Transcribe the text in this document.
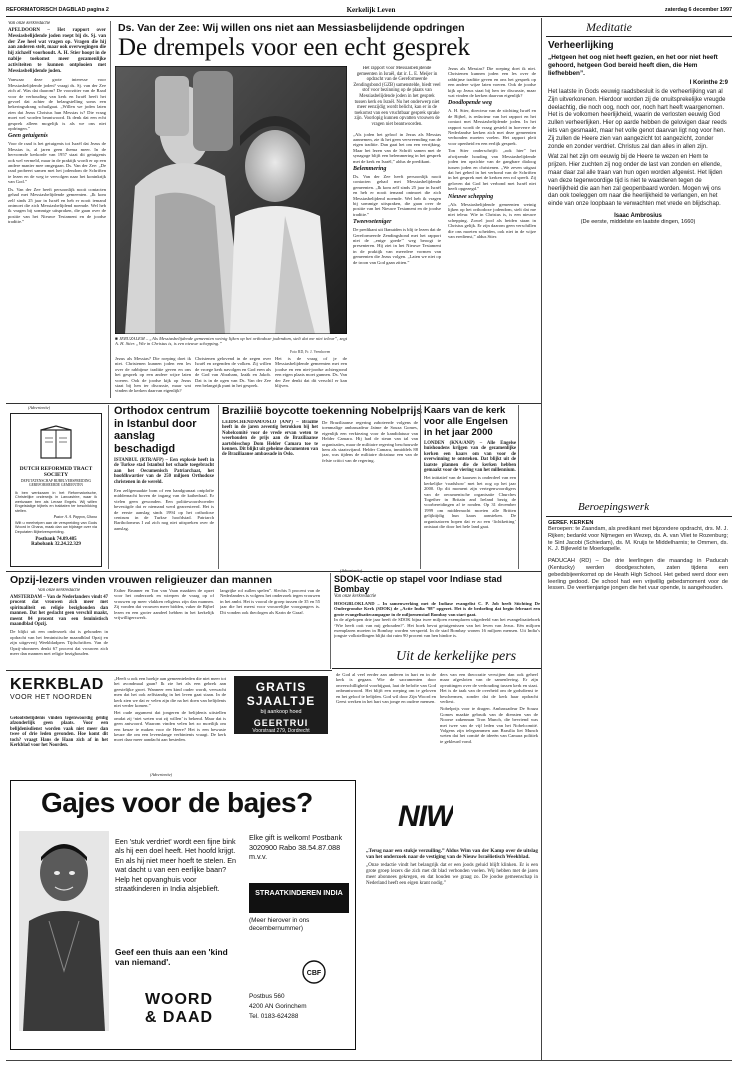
REFORMATORISCH DAGBLAD pagina 2	Kerkelijk Leven	zaterdag 6 december 1997
Van onze kerkredactie
APELDOORN – Het rapport over Messiasbelijdende joden roept bij ds. Sj. van der Zee heel wat vragen op. Vragen die hij aan anderen stelt, maar ook overwegingen die hij zichzelf voorhoudt. A. H. Stier hoopt in de nabije toekomst meer gezamenlijke activiteiten te kunnen ontplooien met Messiasbelijdende joden.
Vanwaar deze grote interesse voor Messiasbelijdende joden? vraagt ds. Sj. van der Zee zich af. Was dat daarom? De voorzitter van de Raad voor de verhouding van kerk en Israël heeft het gevoel dat achter de belangstelling soms een bekeringsdrang schuilgaat. „Willen we joden laten zien dat Jezus Christus hun Messias is? Die vraag moet wel worden beantwoord. Ik denk dat een echt gesprek alleen mogelijk is als we ons niet opdringen.”
Geen getuigenis
Voor de raad is het getuigenis tot Israël dat Jezus de Messias is, al jaren geen thema meer. In de hervormde kerkorde van 1957 staat dit getuigenis ook wel vermeld, maar in de praktijk wordt er op een andere manier mee omgegaan. Ds. Van der Zee: „De raad probeert samen met het jodendom de Schriften te lezen en de weg te vervolgen naar het koninkrijk van God.”
Ds. Van der Zee heeft persoonlijk nooit contacten gehad met Messiasbelijdende gemeenten. „Ik kom zelf sinds 25 jaar in Israël en heb er nooit iemand ontmoet die zich Messiasbelijdend noemde. Wel heb ik vragen bij sommige uitspraken, die gaan over de positie van het Nieuwe Testament en de joodse traditie.”
Ds. Van der Zee: Wij willen ons niet aan Messiasbelijdende opdringen
De drempels voor een echt gesprek
■ JERUZALEM – „Als Messiasbelijdende gemeenten weinig lijken op het orthodoxe jodendom, stelt dat me niet teleur”, zegt A. H. Stier. „Wie in Christus is, is een nieuwe schepping.”
Foto RD, Fr. J. Veenhoven
Jezus als Messias? Die roeping doet ik niet. Christenen kunnen joden een les over de rabbijnse traditie geven en ons het gesprek op een andere wijze laten voeren. Ook de joodse kijk op Jezus staat bij hen ter discussie, maar wat vinden de kerken daarvan eigenlijk?
Christenen gelovend in de zegen over Israël en zegenden de volken. Zij willen de vroege kerk navolgen en God eren als de God van Abraham, Izaäk en Jakob. Dat is in de ogen van Ds. Van der Zee een belangrijk punt in het gesprek.
Het is de vraag of je de Messiasbelijdende gemeenten met een joodse en een niet-joodse achtergrond een eigen plaats moet gunnen. Ds. Van der Zee denkt dat dit verschil er kan blijven.
Het rapport voor Messiasbelijdende gemeenten in Israël, dat ir. L. E. Meijer in opdracht van de Gereformeerde Zendingsbond (GZB) samenstelde, biedt veel stof voor bezinning op de plaats van Messiasbelijdende joden in het gesprek tussen kerk en Israël. Nu het onderwerp niet meer eenzijdig wordt belicht, kan er in de toekomst van een vruchtbaar gesprek sprake zijn. Voorlopig kunnen opvatten vrouwen de vragen niet beantwoorden.
„Als joden het geloof in Jezus als Messias aannemen, zie ik het geen vervreemding van de eigen traditie. Dan gaat het om een verrijking. Maar het lezen van de Schrift samen met de synagoge blijft een belemmering in het gesprek met de kerk en Israël,” aldus de predikant.
Belemmering
Ds. Van der Zee heeft persoonlijk nooit contacten gehad met Messiasbelijdende gemeenten. „Ik kom zelf sinds 25 jaar in Israël en heb er nooit iemand ontmoet die zich Messiasbelijdend noemde. Wel heb ik vragen bij sommige uitspraken, die gaan over de positie van het Nieuwe Testament en de joodse traditie.”
Tweevoeteniger
De predikant uit Ikmuiden is blij te lezen dat de Gereformeerde Zendingsbond met het rapport niet de ,,enige goede’’ weg beoogt te presenteren. Hij ziet in het Nieuwe Testament in de praktijk van meerdere vormen van gemeenten die Jezus volgen. „Laten we niet op de troon van God gaan zitten.”
Jezus als Messias? Die roeping doet ik niet. Christenen kunnen joden een les over de rabbijnse traditie geven en ons het gesprek op een andere wijze laten voeren. Ook de joodse kijk op Jezus staat bij hen ter discussie, maar wat vinden de kerken daarvan eigenlijk?
Doodlopende weg
A. H. Stier, directeur van de stichting Israël en de Bijbel, is redacteur van het rapport en het contact met Messiasbelijdende joden. In het rapport wordt de vraag gesteld in hoeverre de Nederlandse kerken zich met deze gemeenten verbonden moeten voelen. Het rapport pleit voor openheid en een eerlijk gesprek.
Ton Stier onderschrijft: „ook hier” het afwijzende houding van Messiasbelijdende joden ten opzichte van de gangbare dialoog tussen joden en christenen. „We zeven uitgaat dat het gebed in het verbond van de Schriften in het gesprek met de kerken een rol speelt. Zij geloven dat God het verbond met Israël niet heeft opgezegd.”
Nieuwe schepping
„Als Messiasbelijdende gemeenten weinig lijken op het orthodoxe jodendom, stelt dat me niet teleur. Wie in Christus is, is een nieuwe schepping. Zowel jood als heiden staan in Christus gelijk. Er zijn daarom geen verschillen die ons moeten scheiden, ook niet in de wijze van eredienst,” aldus Stier.
Meditatie
Verheerlijking
„Hetgeen het oog niet heeft gezien, en het oor niet heeft gehoord, hetgeen God bereid heeft dien, die Hem liefhebben”.
I Korinthe 2:9
Het laatste in Gods eeuwig raadsbesluit is de verheerlijking van al Zijn uitverkorenen. Hierdoor worden zij de onuitsprekelijke vreugde deelachtig, die noch oog, noch oor, noch hart heeft waargenomen. Het is de volkomen heerlijkheid, waarin de verlosten eeuwig God zullen verheerlijken. Hier op aarde hebben de gelovigen daar reeds iets van gesmaakt, maar het volle genot daarvan ligt nog voor hen. Zij zullen de Heere zien van aangezicht tot aangezicht, zonder zonde en zonder verdriet. Christus zal dan alles in allen zijn.
Wat zal het zijn om eeuwig bij de Heere te wezen en Hem te prijzen. Hier zuchten zij nog onder de last van zonden en ellende, maar daar zal alle traan van hun ogen worden afgewist. Het lijden van deze tegenwoordige tijd is niet te waarderen tegen de heerlijkheid die aan hen zal geopenbaard worden. Mogen wij ons dan ook toeleggen om naar die heerlijkheid te verlangen, en het einde van onze loopbaan te verwachten met vrede en blijdschap.
Isaac Ambrosius
(De eerste, middelste en laatste dingen, 1660)
Beroepingswerk
GEREF. KERKEN
Beroepen: te Zaandam, als predikant met bijzondere opdracht, drs. M. J. Rijken; bedankt voor Nijmegen en Wezep, ds. A. van Vliet te Rozenburg; te Sint Jacobi (Schiedam), ds. M. Kruijs te Middelharnis; te Ommen, ds. K. J. Bijleveld te Moerkapelle.
PADUCAH (RD) – De drie leerlingen die maandag in Paducah (Kentucky) werden doodgeschoten, zaten tijdens een gebedsbijeenkomst op de Heath High School. Het gebed werd door een leerling gedood. De school had een vrijwillig gebedsmoment voor de lessen. De veertienjarige jongen die het vuur opende, is aangehouden.
(Advertentie)
DUTCH REFORMED TRACT SOCIETY
DEPUTATENSCHAP BIJBELVERSPREIDING GEREFORMEERDE GEMEENTEN
Ik ben werkzaam in het Reformatorische, Christelijke onderwijs in Lancashire, waar ik werkzaam ben als Leraar Engels. Wij willen Engelstalige bijbels en traktaten ter beschikking stellen.
Pastor A. A. Pappon, Ghana
Wilt u meehelpen aan de verspreiding van Gods Woord in Ghana, maak dan uw bijdrage over via Deputaten Bijbelverspreiding.
Postbank 74.09.485
Rabobank 32.24.22.329
Orthodox centrum in Istanbul door aanslag beschadigd
ISTANBUL (RTR/AFP) – Een explosie heeft in de Turkse stad Istanbul het schade toegebracht aan het Oecumenisch Patriarchaat, het hoofdkwartier van de 250 miljoen Orthodoxe christenen in de wereld.
Een zelfgemaakte bom of een handgranaat ontplofte middernacht boven de ingang van de kathedraal. Er vielen geen gewonden. Een politiewoordvoerder bevestigde dat er niemand werd gearresteerd. Het is de eerste aanslag sinds 1994 op het orthodoxe centrum in de Turkse hoofdstad. Patriarch Bartholomeus I zal zich nog niet uitspreken over de aanslag.
Braziliië boycotte toekenning Nobelprijs
LEIDSCHENDAM/OSLO (ANP) – Brazilië heeft in de jaren zeventig betrokken bij het Nobelcomité voor de vrede ervan weten te weerhouden de prijs aan de Braziliaanse aartsbisschop Dom Helder Camara toe te kennen. Dit blijkt uit geheime documenten van de Braziliaanse ambassade in Oslo.
De Braziliaanse regering zaboteerde volgens de toenmalige ambassadeur Jaime de Souza Gomes, eigenlijk een verkiezing voor de kandidatuur van Helder Camara. Hij had de steun van tal van organisaties, maar de militaire regering beschouwde hem als staatsvijand. Helder Camara, inmiddels 88 jaar, was tijdens de militaire dictatuur een van de felste critici van de regering.
Kaars van de kerk voor alle Engelsen in het jaar 2000
LONDEN (KNA/ANP) – Alle Engelse huishoudens krijgen van de gezamenlijke kerken een kaars om van voor de overwinning te ontsteken. Dat blijkt uit de laatste plannen die de kerken hebben gemaakt voor de viering van het millennium.
Het initiatief van de kaarsen is onderdeel van een kerkelijke ‘roadshow’ met het oog op het jaar 2000. Op dit moment zijn vertegenwoordigers van de oecumenische organisatie Churches Together in Britain and Ireland bezig de voorbereidingen af te ronden. Op 31 december 1999 om middernacht moeten alle Britten gelijktijdig hun kaars aansteken. De organisatoren hopen dat er zo een ‘lichtketting’ ontstaat die door het hele land gaat.
(Advertentie)
Opzij-lezers vinden vrouwen religieuzer dan mannen
Van onze kerkredactie
AMSTERDAM – Van de Nederlanders vindt 47 procent dat vrouwen zich meer met spiritualiteit en religie bezighouden dan mannen. Dat het geslacht geen verschil maakt, meent 84 procent van een feministisch maandblad Opzij.
De blijkt uit een onderzoek dat is gehouden in opdracht van het feministische maandblad Opzij en zijn uitgeverij Weekbladpers Tijdschriften. Van de Opzij-abonnees denkt 67 procent dat vrouwen zich meer dan mannen met religie bezighouden.
Esther Brunner en Ton van Vaan maakten de opzet voor het onderzoek en wierpen de vraag op of vrouwen op meer vlakken religieus zijn dan mannen. Zij vonden dat vrouwen meer bidden, vaker de Bijbel lezen en een groter aandeel hebben in het kerkelijk vrijwilligerswerk.
langrijke rol zullen spelen”. Slechts 5 procent van de Nederlanders is volgens het onderzoek tegen vrouwen in het ambt. Het is vooral de groep tussen de 35 en 55 jaar die het meest voor vrouwelijke voorgangers is. Dit vonden ook theologen als Karin de Graaf.
Uit de kerkelijke pers
SDOK-actie op stapel voor Indiase stad Bombay
Van onze kerkredactie
HOOGBLOKLAND – In samenwerking met de Indiase evangelist C. P. Job heeft Stichting De Ondergrondse Kerk (SDOK) de „Actie India ’98” opgezet. Het is de bedoeling dat begin februari een grote evangelisatiecampagne in de miljoenenstad Bombay van start gaat.
In de afgelopen drie jaar heeft de SDOK bijna twee miljoen exemplaren uitgedeeld van het evangelisatieboek ‘Wie heeft ooit van mij gehouden?’. Het boek bevat getuigenissen van het leven van Jezus. Eén miljoen exemplaren moeten in Bombay worden verspreid. In de stad Bombay wonen 16 miljoen mensen. Uit India’s jongste volkstellingen blijkt dat ruim 90 procent van hen hindoe is.
GRATIS
SJAALTJE
bij aankoop hoed
GEERTRUI
Voorstraat 279, Dordrecht
KERKBLAD
VOOR HET NOORDEN
Geloofsbelijdenis vinden tegenwoordig geldig afzonderlijk geen plaats. Voor een belijdenisdienst worden vaak niet meer dan twee of drie leden gevonden. Hoe komt dit toch? vraagt Hans de Haan zich af in het Kerkblad voor het Noorden.
„Heeft u ook een hoekje aan gemeenteleden die niet meer tot het avondmaal gaan? Ik zie het als een gebrek aan geestelijke groei. Wanneer een kind ouder wordt, verwacht men dat het ook zelfstandig in het leven gaat staan. In de kerk zien we dat er velen zijn die na het doen van belijdenis niet verder komen.”
Het oude argument dat jongeren de belijdenis uitstellen omdat zij ‘niet weten wat zij willen’ is bekend. Maar dat is geen antwoord. Waarom vinden velen het zo moeilijk om een keuze te maken voor de Heere? Het is een bewuste keuze die om een levenslange verbintenis vraagt. De kerk moet daar meer aandacht aan besteden.
de God al veel eerder aan anderen in hart en in de kerk is gegaan. Wie de sacramenten door onverschilligheid voorbijgaat, laat de belofte van God onbeantwoord. Het blijft een roeping om te geloven en het geloof te belijden. God wil door Zijn Woord en Geest werken in het hart van jonge en oudere mensen.
ders van een theocratie verwijten dan ook geheel maar afgesloten van de samenleving. Er zijn opvattingen over de verhouding tussen kerk en staat. Het is de taak van de overheid om de godsdienst te beschermen, zonder dat de kerk haar opdracht verliest.
Nobelprijs voor te dragen. Ambassadeur De Souza Gomes maakte gebruik van de diensten van de Noorse zakenman Tron Munch, die bevriend was met twee van de vijf leden van het Nobelcomité. Volgens zijn telegrammen aan Brasilia liet Munch weten dat het comité de ideeën van Camara politiek te gekleurd vond.
(Advertentie)
Gajes voor de bajes?
Een 'stuk verdriet' wordt een fijne bink als hij een doel heeft. Het hoofd krijgt. En als hij niet meer hoeft te stelen. En wat dacht u van een eerlijke baan? Help het opvanghuis voor straatkinderen in India alsjeblieft.
Geef een thuis aan een 'kind van niemand'.
WOORD
& DAAD
Elke gift is welkom! Postbank 3020900 Rabo 38.54.87.088 m.v.v.
STRAATKINDEREN INDIA
(Meer hierover in ons decembernummer)
CBF
Postbus 560
4200 AN Gorinchem
Tel. 0183-624288
NIW
„Terug naar een stukje verzuiling.” Aldus Wim van der Kamp over de uitslag van het onderzoek naar de vestiging van de Nieuw Israëlietisch Weekblad.
„Onze redactie vindt het belangrijk dat er een joods geluid blijft klinken. Er is een grote groep lezers die zich met dit blad verbonden voelen. Wij hebben met de jaren meer abonnees gekregen, en dat houden we graag zo. De joodse gemeenschap in Nederland heeft een eigen krant nodig.”
